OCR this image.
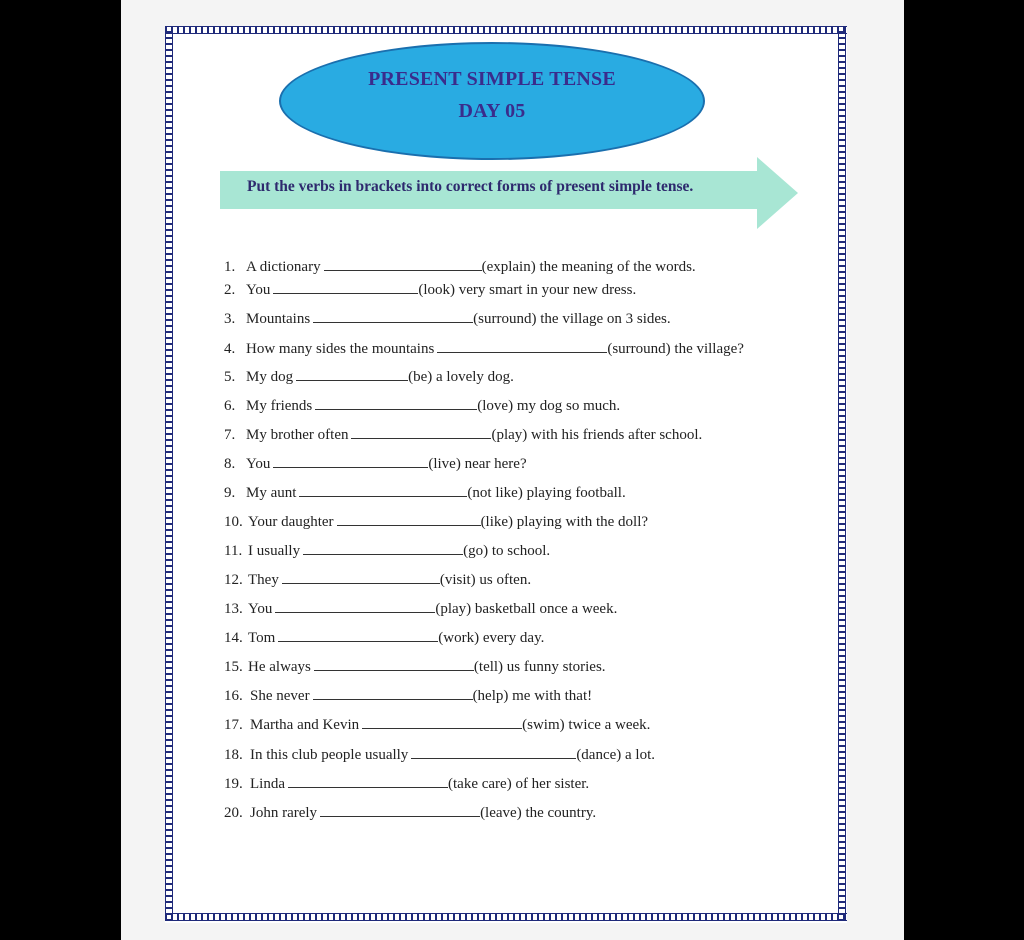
PRESENT SIMPLE TENSE
DAY 05
Put the verbs in brackets into correct forms of present simple tense.
1. A dictionary	(explain) the meaning of the words.
2. You	(look) very smart in your new dress.
3. Mountains	(surround) the village on 3 sides.
4. How many sides the mountains	(surround) the village?
5. My dog	(be) a lovely dog.
6. My friends	(love) my dog so much.
7. My brother often	(play) with his friends after school.
8. You	(live) near here?
9. My aunt	(not like) playing football.
10. Your daughter	(like) playing with the doll?
11. I usually	(go) to school.
12. They	(visit) us often.
13. You	(play) basketball once a week.
14. Tom	(work) every day.
15. He always	(tell) us funny stories.
16. She never	(help) me with that!
17. Martha and Kevin	(swim) twice a week.
18. In this club people usually	(dance) a lot.
19. Linda	(take care) of her sister.
20. John rarely	(leave) the country.
